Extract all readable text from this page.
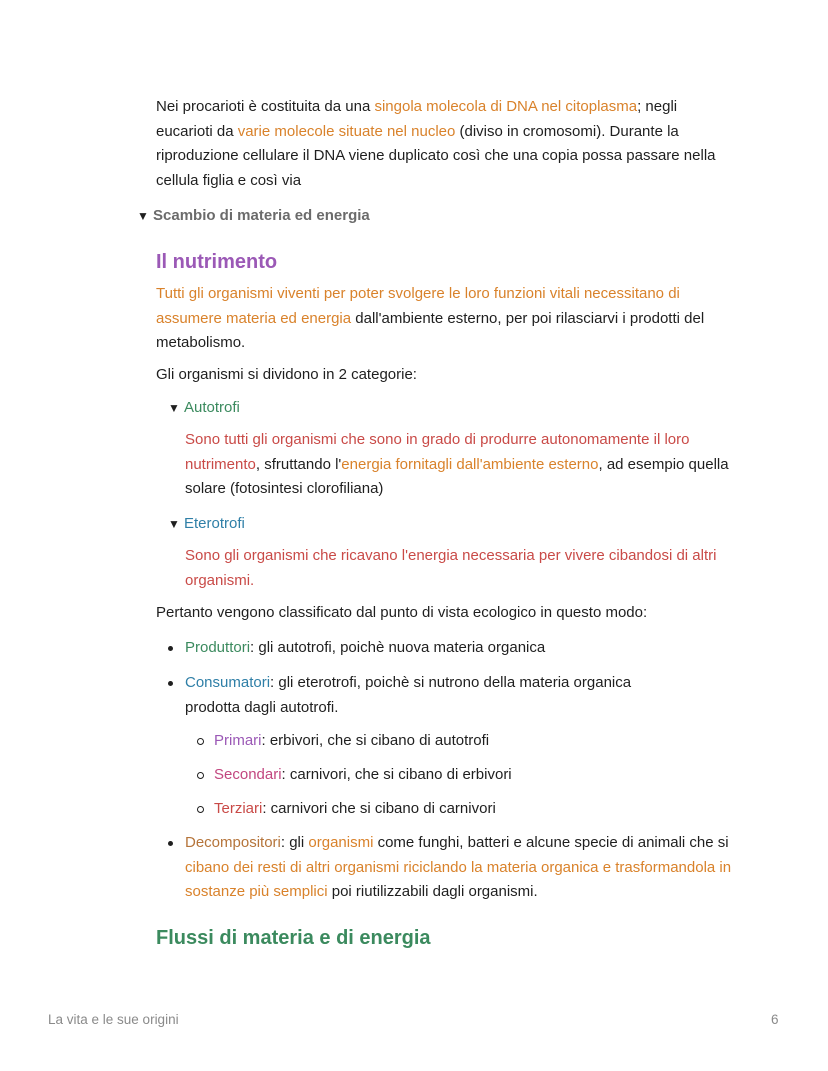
Nei procarioti è costituita da una singola molecola di DNA nel citoplasma; negli eucarioti da varie molecole situate nel nucleo (diviso in cromosomi). Durante la riproduzione cellulare il DNA viene duplicato così che una copia possa passare nella cellula figlia e così via

▼ Scambio di materia ed energia
Il nutrimento

Tutti gli organismi viventi per poter svolgere le loro funzioni vitali necessitano di assumere materia ed energia dall'ambiente esterno, per poi rilasciarvi i prodotti del metabolismo.

Gli organismi si dividono in 2 categorie:

▼ Autotrofi

Sono tutti gli organismi che sono in grado di produrre autonomamente il loro nutrimento, sfruttando l'energia fornitagli dall'ambiente esterno, ad esempio quella solare (fotosintesi clorofiliana)

▼ Eterotrofi

Sono gli organismi che ricavano l'energia necessaria per vivere cibandosi di altri organismi.

Pertanto vengono classificato dal punto di vista ecologico in questo modo:

Produttori: gli autotrofi, poichè nuova materia organica

Consumatori: gli eterotrofi, poichè si nutrono della materia organica prodotta dagli autotrofi.

Primari: erbivori, che si cibano di autotrofi

Secondari: carnivori, che si cibano di erbivori

Terziari: carnivori che si cibano di carnivori

Decompositori: gli organismi come funghi, batteri e alcune specie di animali che si cibano dei resti di altri organismi riciclando la materia organica e trasformandola in sostanze più semplici poi riutilizzabili dagli organismi.

Flussi di materia e di energia
La vita e le sue origini	6
